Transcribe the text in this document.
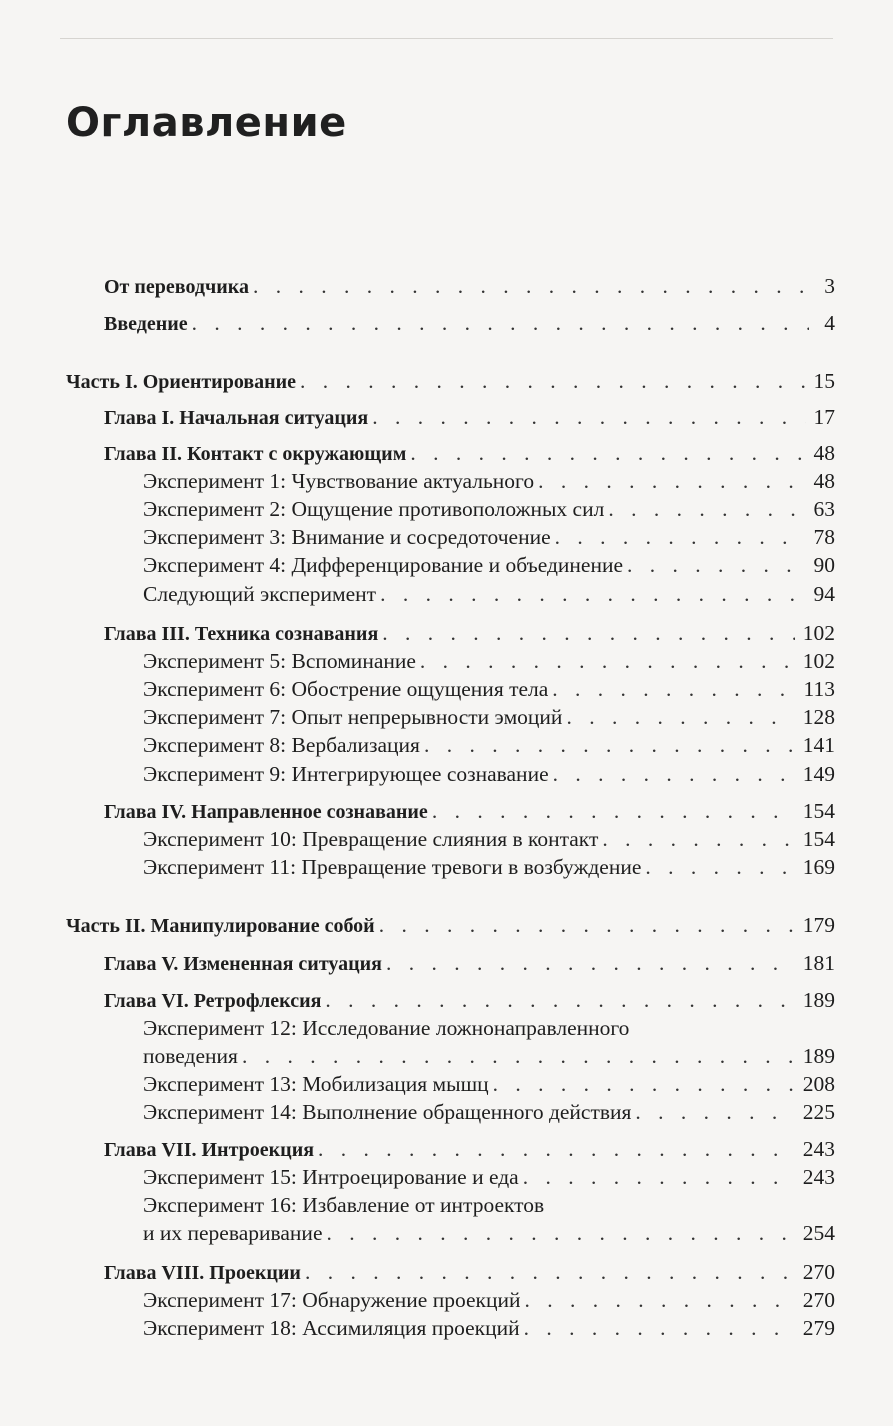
Оглавление
От переводчика . . .	3
Введение . . .	4
Часть I. Ориентирование . . .	15
Глава I. Начальная ситуация . . .	17
Глава II. Контакт с окружающим . . .	48
Эксперимент 1: Чувствование актуального . . .	48
Эксперимент 2: Ощущение противоположных сил . . .	63
Эксперимент 3: Внимание и сосредоточение . . .	78
Эксперимент 4: Дифференцирование и объединение . . .	90
Следующий эксперимент . . .	94
Глава III. Техника сознавания . . .	102
Эксперимент 5: Вспоминание . . .	102
Эксперимент 6: Обострение ощущения тела . . .	113
Эксперимент 7: Опыт непрерывности эмоций . . .	128
Эксперимент 8: Вербализация . . .	141
Эксперимент 9: Интегрирующее сознавание . . .	149
Глава IV. Направленное сознавание . . .	154
Эксперимент 10: Превращение слияния в контакт . . .	154
Эксперимент 11: Превращение тревоги в возбуждение . . .	169
Часть II. Манипулирование собой . . .	179
Глава V. Измененная ситуация . . .	181
Глава VI. Ретрофлексия . . .	189
Эксперимент 12: Исследование ложнонаправленного
поведения . . .	189
Эксперимент 13: Мобилизация мышц . . .	208
Эксперимент 14: Выполнение обращенного действия . . .	225
Глава VII. Интроекция . . .	243
Эксперимент 15: Интроецирование и еда . . .	243
Эксперимент 16: Избавление от интроектов
и их переваривание . . .	254
Глава VIII. Проекции . . .	270
Эксперимент 17: Обнаружение проекций . . .	270
Эксперимент 18: Ассимиляция проекций . . .	279
